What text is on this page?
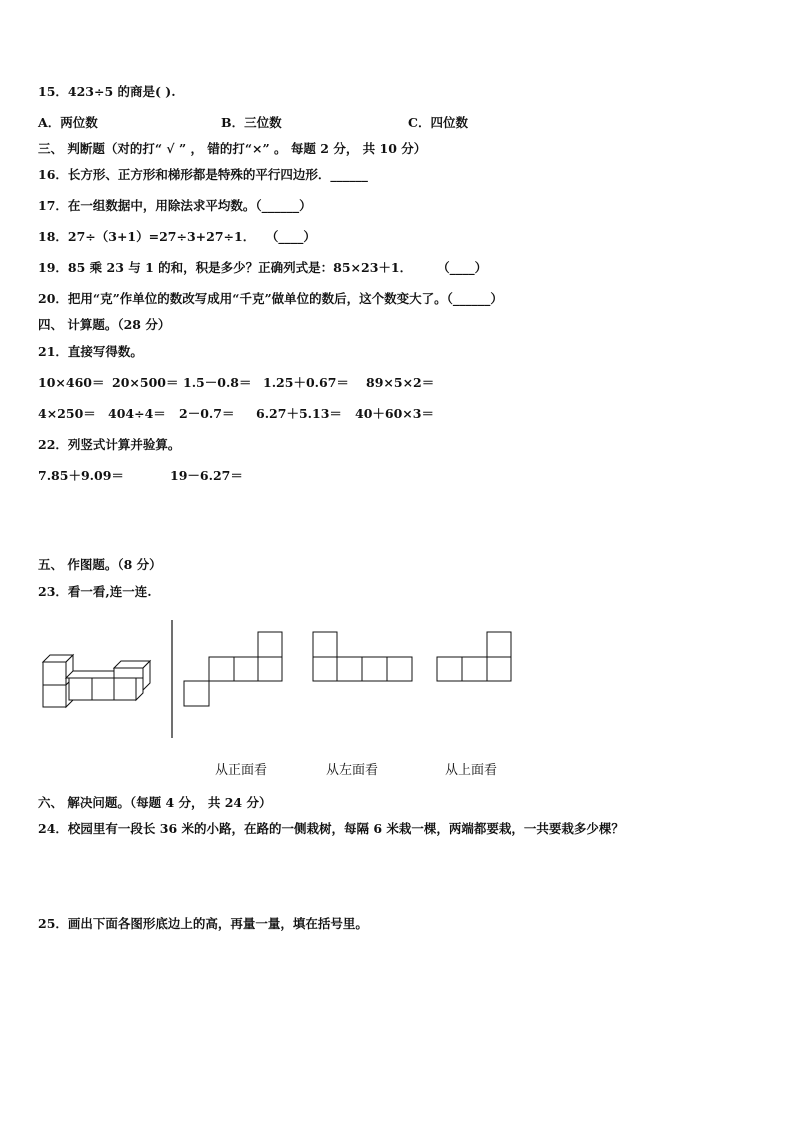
15．423÷5 的商是( ).
A．两位数	B．三位数	C．四位数
三、 判断题（对的打“ √ ” ， 错的打“×” 。 每题 2 分， 共 10 分）
16．长方形、正方形和梯形都是特殊的平行四边形．______
17．在一组数据中，用除法求平均数。（______）
18．27÷（3+1）=27÷3+27÷1．　 （____）
19．85 乘 23 与 1 的和，积是多少？正确列式是：85×23＋1．　　　（____）
20．把用“克”作单位的数改写成用“千克”做单位的数后，这个数变大了。（______）
四、 计算题。（28 分）
21．直接写得数。
10×460＝ 20×500＝ 1.5－0.8＝ 1.25＋0.67＝ 89×5×2＝
4×250＝ 404÷4＝ 2－0.7＝ 6.27＋5.13＝ 40＋60×3＝
22．列竖式计算并验算。
7.85＋9.09＝	19－6.27＝
五、 作图题。（8 分）
23．看一看,连一连.
从正面看	从左面看	从上面看
六、 解决问题。（每题 4 分， 共 24 分）
24．校园里有一段长 36 米的小路，在路的一侧栽树，每隔 6 米栽一棵，两端都要栽，一共要栽多少棵？
25．画出下面各图形底边上的高，再量一量，填在括号里。
